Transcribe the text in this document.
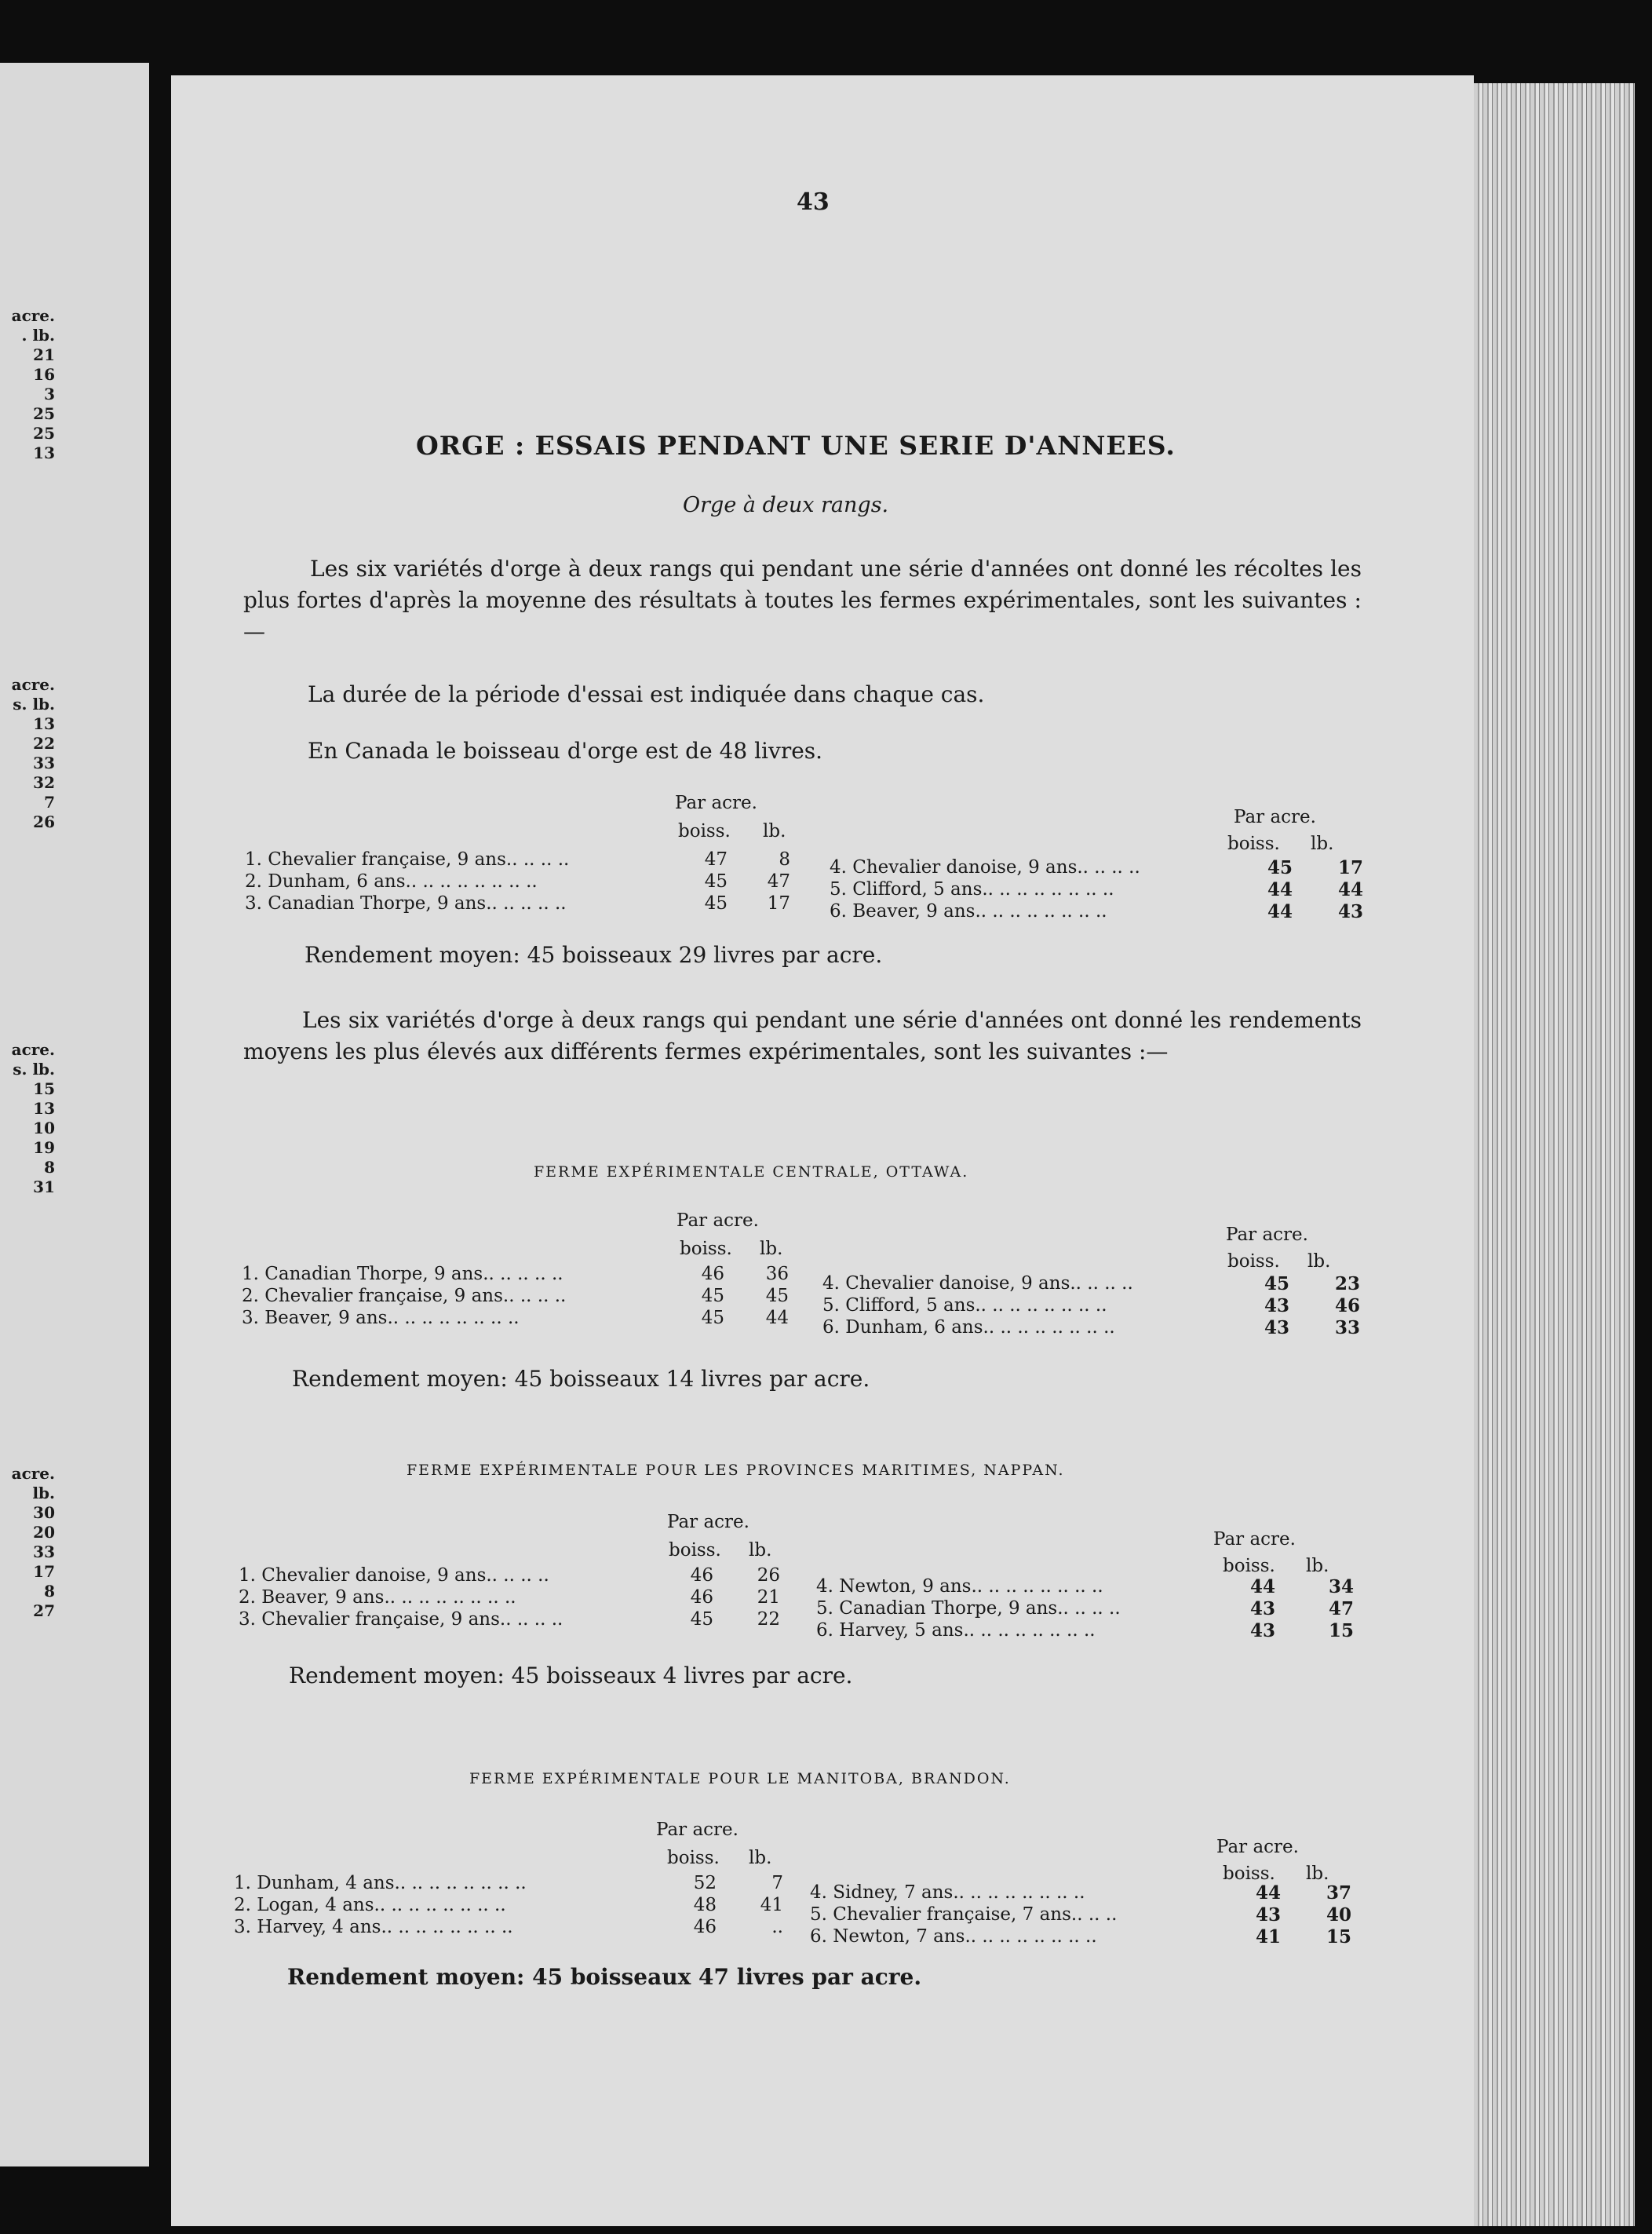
acre.
. lb.
21
16
3
25
25
13
acre.
s. lb.
13
22
33
32
7
26
acre.
s. lb.
15
13
10
19
8
31
acre.
lb.
30
20
33
17
8
27
43
ORGE : ESSAIS PENDANT UNE SERIE D'ANNEES.
Orge à deux rangs.
Les six variétés d'orge à deux rangs qui pendant une série d'années ont donné les récoltes les plus fortes d'après la moyenne des résultats à toutes les fermes expérimentales, sont les suivantes :—
La durée de la période d'essai est indiquée dans chaque cas.
En Canada le boisseau d'orge est de 48 livres.
Les six variétés d'orge à deux rangs qui pendant une série d'années ont donné les rendements moyens les plus élevés aux différents fermes expérimentales, sont les suivantes :—
Par acre.
boiss. lb.
Par acre.
boiss. lb.
1. Chevalier française, 9 ans.. .. .. ..	47	8
2. Dunham, 6 ans.. .. .. .. .. .. .. ..	45	47
3. Canadian Thorpe, 9 ans.. .. .. .. ..	45	17
4. Chevalier danoise, 9 ans.. .. .. ..	45	17
5. Clifford, 5 ans.. .. .. .. .. .. .. ..	44	44
6. Beaver, 9 ans.. .. .. .. .. .. .. ..	44	43
Rendement moyen: 45 boisseaux 29 livres par acre.
FERME EXPÉRIMENTALE CENTRALE, OTTAWA.
Par acre.
boiss. lb.
Par acre.
boiss. lb.
1. Canadian Thorpe, 9 ans.. .. .. .. ..	46	36
2. Chevalier française, 9 ans.. .. .. ..	45	45
3. Beaver, 9 ans.. .. .. .. .. .. .. ..	45	44
4. Chevalier danoise, 9 ans.. .. .. ..	45	23
5. Clifford, 5 ans.. .. .. .. .. .. .. ..	43	46
6. Dunham, 6 ans.. .. .. .. .. .. .. ..	43	33
Rendement moyen: 45 boisseaux 14 livres par acre.
FERME EXPÉRIMENTALE POUR LES PROVINCES MARITIMES, NAPPAN.
Par acre.
boiss. lb.
Par acre.
boiss. lb.
1. Chevalier danoise, 9 ans.. .. .. ..	46	26
2. Beaver, 9 ans.. .. .. .. .. .. .. ..	46	21
3. Chevalier française, 9 ans.. .. .. ..	45	22
4. Newton, 9 ans.. .. .. .. .. .. .. ..	44	34
5. Canadian Thorpe, 9 ans.. .. .. ..	43	47
6. Harvey, 5 ans.. .. .. .. .. .. .. ..	43	15
Rendement moyen: 45 boisseaux 4 livres par acre.
FERME EXPÉRIMENTALE POUR LE MANITOBA, BRANDON.
Par acre.
boiss. lb.
Par acre.
boiss. lb.
1. Dunham, 4 ans.. .. .. .. .. .. .. ..	52	7
2. Logan, 4 ans.. .. .. .. .. .. .. ..	48	41
3. Harvey, 4 ans.. .. .. .. .. .. .. ..	46	..
4. Sidney, 7 ans.. .. .. .. .. .. .. ..	44	37
5. Chevalier française, 7 ans.. .. ..	43	40
6. Newton, 7 ans.. .. .. .. .. .. .. ..	41	15
Rendement moyen: 45 boisseaux 47 livres par acre.
